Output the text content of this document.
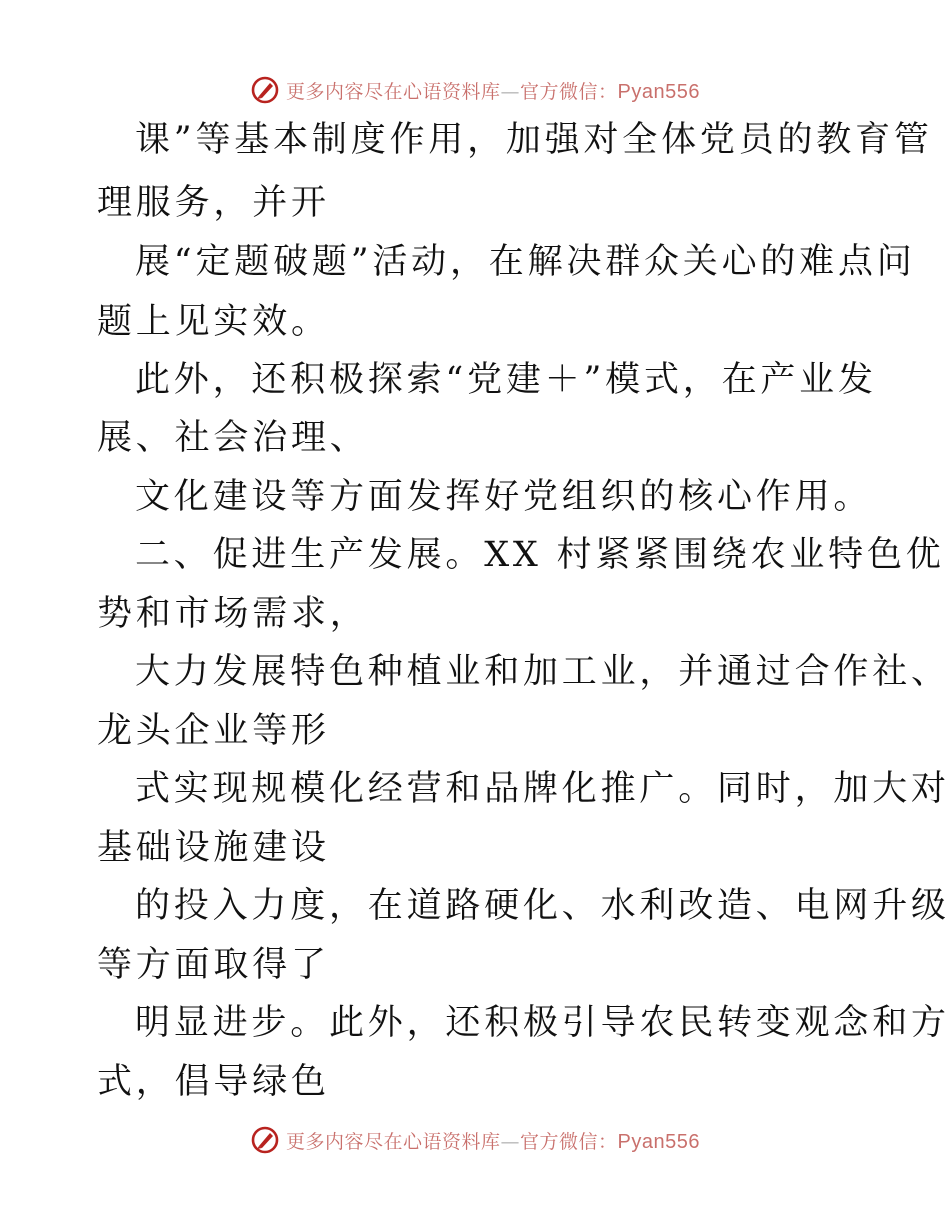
更多内容尽在心语资料库—官方微信：Pyan556
课”等基本制度作用，加强对全体党员的教育管
理服务，并开
展“定题破题”活动，在解决群众关心的难点问
题上见实效。
此外，还积极探索“党建＋”模式，在产业发
展、社会治理、
文化建设等方面发挥好党组织的核心作用。
二、促进生产发展。XX 村紧紧围绕农业特色优
势和市场需求，
大力发展特色种植业和加工业，并通过合作社、
龙头企业等形
式实现规模化经营和品牌化推广。同时，加大对
基础设施建设
的投入力度，在道路硬化、水利改造、电网升级
等方面取得了
明显进步。此外，还积极引导农民转变观念和方
式，倡导绿色
更多内容尽在心语资料库—官方微信：Pyan556
